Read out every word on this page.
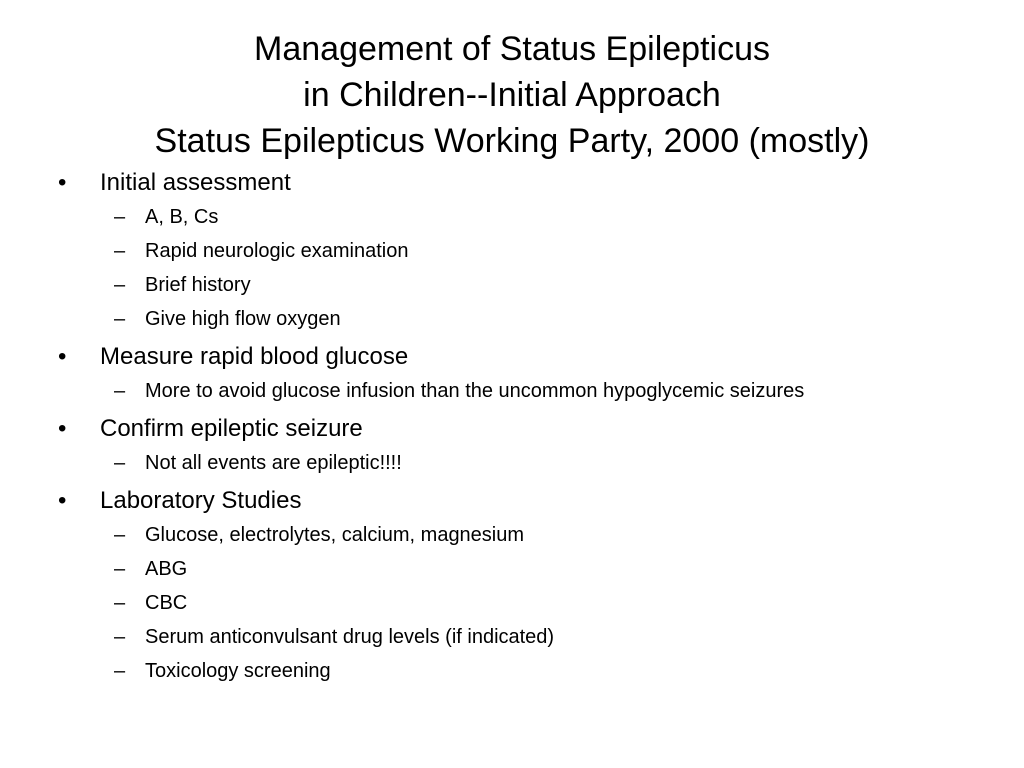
Management of Status Epilepticus
in Children--Initial Approach
Status Epilepticus Working Party, 2000 (mostly)
•	Initial assessment
– A, B, Cs
– Rapid neurologic examination
– Brief history
– Give high flow oxygen
•	Measure rapid blood glucose
– More to avoid glucose infusion than the uncommon hypoglycemic seizures
•	Confirm epileptic seizure
– Not all events are epileptic!!!!
•	Laboratory Studies
– Glucose, electrolytes, calcium, magnesium
– ABG
– CBC
– Serum anticonvulsant drug levels (if indicated)
– Toxicology screening
